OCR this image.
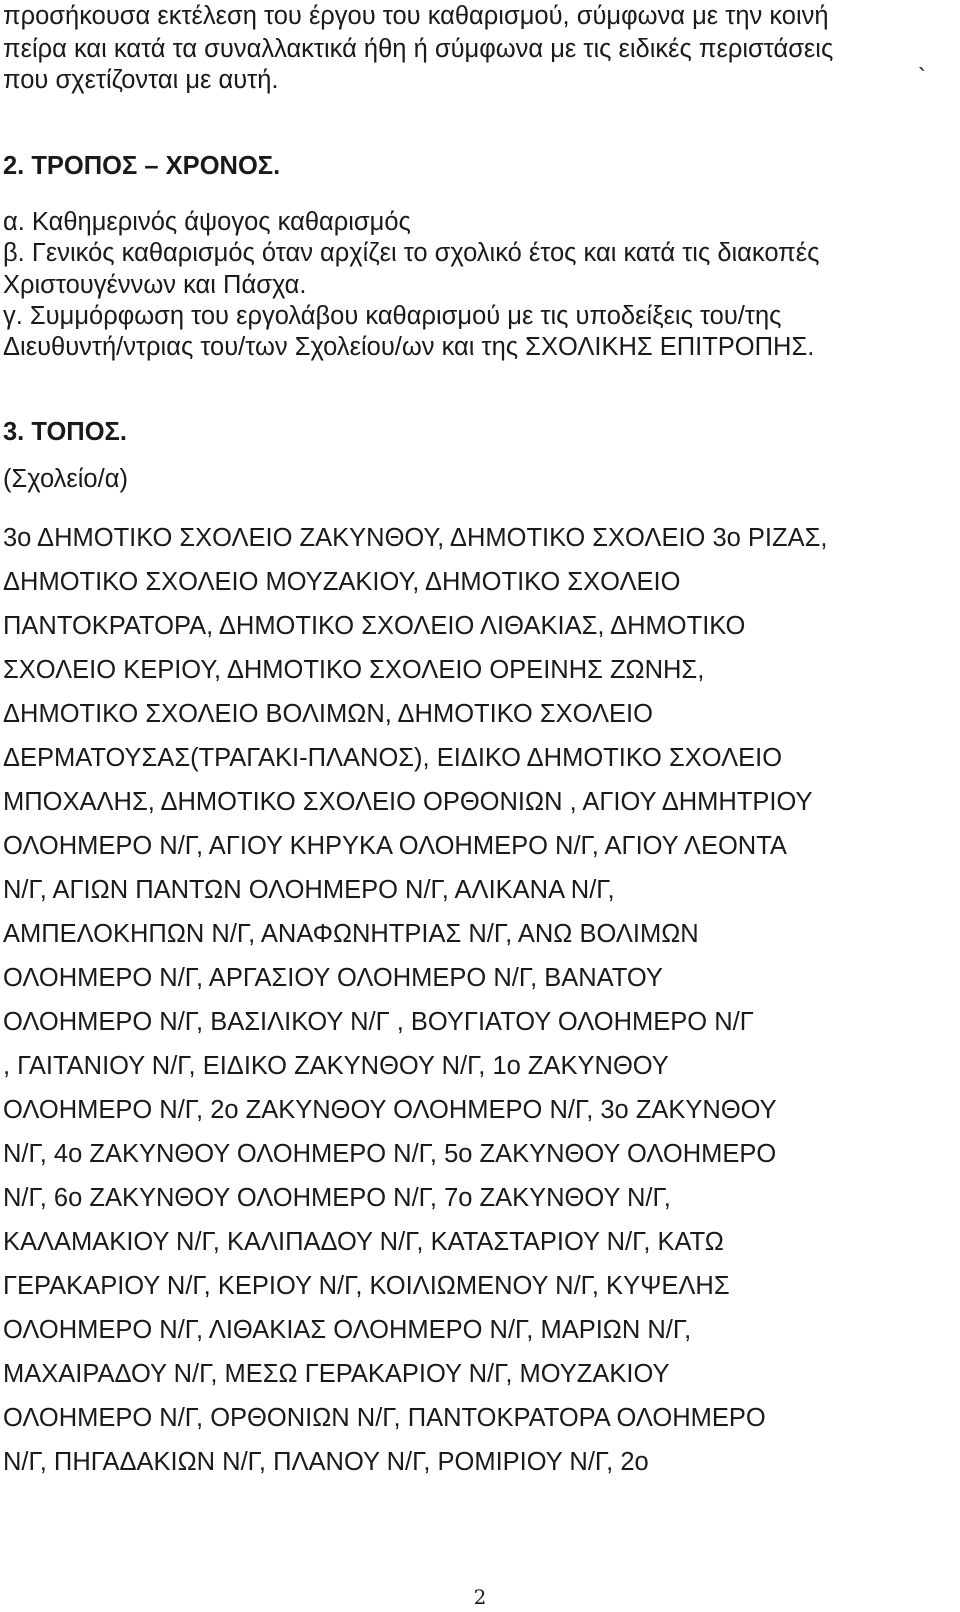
προσήκουσα εκτέλεση του έργου του καθαρισμού, σύμφωνα με την κοινή

πείρα και κατά τα συναλλακτικά ήθη ή σύμφωνα με τις ειδικές περιστάσεις

που σχετίζονται με αυτή.	`

2. ΤΡΟΠΟΣ – ΧΡΟΝΟΣ.

α. Καθημερινός άψογος καθαρισμός

β. Γενικός καθαρισμός όταν αρχίζει το σχολικό έτος και κατά τις διακοπές

Χριστουγέννων και Πάσχα.

γ. Συμμόρφωση του εργολάβου καθαρισμού με τις υποδείξεις του/της

Διευθυντή/ντριας του/των Σχολείου/ων και της ΣΧΟΛΙΚΗΣ ΕΠΙΤΡΟΠΗΣ.

3. ΤΟΠΟΣ.

(Σχολείο/α)

3ο ΔΗΜΟΤΙΚΟ ΣΧΟΛΕΙΟ ΖΑΚΥΝΘΟΥ, ΔΗΜΟΤΙΚΟ ΣΧΟΛΕΙΟ 3ο ΡΙΖΑΣ,

ΔΗΜΟΤΙΚΟ ΣΧΟΛΕΙΟ ΜΟΥΖΑΚΙΟΥ, ΔΗΜΟΤΙΚΟ ΣΧΟΛΕΙΟ

ΠΑΝΤΟΚΡΑΤΟΡΑ, ΔΗΜΟΤΙΚΟ ΣΧΟΛΕΙΟ ΛΙΘΑΚΙΑΣ, ΔΗΜΟΤΙΚΟ

ΣΧΟΛΕΙΟ ΚΕΡΙΟΥ, ΔΗΜΟΤΙΚΟ ΣΧΟΛΕΙΟ ΟΡΕΙΝΗΣ ΖΩΝΗΣ,

ΔΗΜΟΤΙΚΟ ΣΧΟΛΕΙΟ ΒΟΛΙΜΩΝ, ΔΗΜΟΤΙΚΟ ΣΧΟΛΕΙΟ

ΔΕΡΜΑΤΟΥΣΑΣ(ΤΡΑΓΑΚΙ-ΠΛΑΝΟΣ), ΕΙΔΙΚΟ ΔΗΜΟΤΙΚΟ ΣΧΟΛΕΙΟ

ΜΠΟΧΑΛΗΣ, ΔΗΜΟΤΙΚΟ ΣΧΟΛΕΙΟ ΟΡΘΟΝΙΩΝ , ΑΓΙΟΥ ΔΗΜΗΤΡΙΟΥ

ΟΛΟΗΜΕΡΟ Ν/Γ, ΑΓΙΟΥ ΚΗΡΥΚΑ ΟΛΟΗΜΕΡΟ Ν/Γ, ΑΓΙΟΥ ΛΕΟΝΤΑ

Ν/Γ, ΑΓΙΩΝ ΠΑΝΤΩΝ ΟΛΟΗΜΕΡΟ Ν/Γ, ΑΛΙΚΑΝΑ Ν/Γ,

ΑΜΠΕΛΟΚΗΠΩΝ Ν/Γ, ΑΝΑΦΩΝΗΤΡΙΑΣ Ν/Γ, ΑΝΩ ΒΟΛΙΜΩΝ

ΟΛΟΗΜΕΡΟ Ν/Γ, ΑΡΓΑΣΙΟΥ ΟΛΟΗΜΕΡΟ Ν/Γ, ΒΑΝΑΤΟΥ

ΟΛΟΗΜΕΡΟ Ν/Γ, ΒΑΣΙΛΙΚΟΥ Ν/Γ , ΒΟΥΓΙΑΤΟΥ ΟΛΟΗΜΕΡΟ Ν/Γ

, ΓΑΙΤΑΝΙΟΥ Ν/Γ, ΕΙΔΙΚΟ ΖΑΚΥΝΘΟΥ Ν/Γ, 1ο ΖΑΚΥΝΘΟΥ

ΟΛΟΗΜΕΡΟ Ν/Γ, 2ο ΖΑΚΥΝΘΟΥ ΟΛΟΗΜΕΡΟ Ν/Γ, 3ο ΖΑΚΥΝΘΟΥ

Ν/Γ, 4ο ΖΑΚΥΝΘΟΥ ΟΛΟΗΜΕΡΟ Ν/Γ, 5ο ΖΑΚΥΝΘΟΥ ΟΛΟΗΜΕΡΟ

Ν/Γ, 6ο ΖΑΚΥΝΘΟΥ ΟΛΟΗΜΕΡΟ Ν/Γ, 7ο ΖΑΚΥΝΘΟΥ Ν/Γ,

ΚΑΛΑΜΑΚΙΟΥ Ν/Γ, ΚΑΛΙΠΑΔΟΥ Ν/Γ, ΚΑΤΑΣΤΑΡΙΟΥ Ν/Γ, ΚΑΤΩ

ΓΕΡΑΚΑΡΙΟΥ Ν/Γ, ΚΕΡΙΟΥ Ν/Γ, ΚΟΙΛΙΩΜΕΝΟΥ Ν/Γ, ΚΥΨΕΛΗΣ

ΟΛΟΗΜΕΡΟ Ν/Γ, ΛΙΘΑΚΙΑΣ ΟΛΟΗΜΕΡΟ Ν/Γ, ΜΑΡΙΩΝ Ν/Γ,

ΜΑΧΑΙΡΑΔΟΥ Ν/Γ, ΜΕΣΩ ΓΕΡΑΚΑΡΙΟΥ Ν/Γ, ΜΟΥΖΑΚΙΟΥ

ΟΛΟΗΜΕΡΟ Ν/Γ, ΟΡΘΟΝΙΩΝ Ν/Γ, ΠΑΝΤΟΚΡΑΤΟΡΑ ΟΛΟΗΜΕΡΟ

Ν/Γ, ΠΗΓΑΔΑΚΙΩΝ Ν/Γ, ΠΛΑΝΟΥ Ν/Γ, ΡΟΜΙΡΙΟΥ Ν/Γ, 2ο

2
